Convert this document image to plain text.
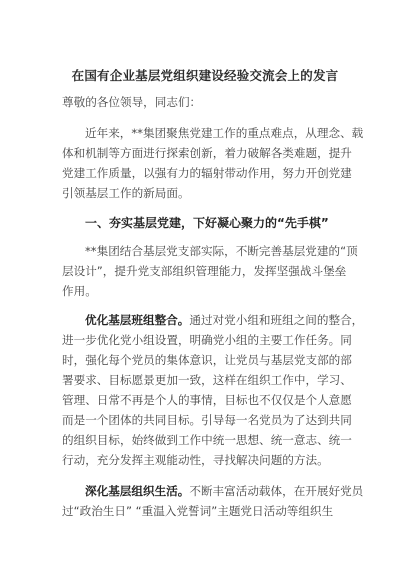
在国有企业基层党组织建设经验交流会上的发言
尊敬的各位领导，同志们：
近年来，**集团聚焦党建工作的重点难点，从理念、载
体和机制等方面进行探索创新，着力破解各类难题，提升
党建工作质量，以强有力的辐射带动作用，努力开创党建
引领基层工作的新局面。
一、夯实基层党建，下好凝心聚力的“先手棋”
**集团结合基层党支部实际，不断完善基层党建的“顶
层设计”，提升党支部组织管理能力，发挥坚强战斗堡垒
作用。
优化基层班组整合。通过对党小组和班组之间的整合，
进一步优化党小组设置，明确党小组的主要工作任务。同
时，强化每个党员的集体意识，让党员与基层党支部的部
署要求、目标愿景更加一致，这样在组织工作中，学习、
管理、日常不再是个人的事情，目标也不仅仅是个人意愿
而是一个团体的共同目标。引导每一名党员为了达到共同
的组织目标，始终做到工作中统一思想、统一意志、统一
行动，充分发挥主观能动性，寻找解决问题的方法。
深化基层组织生活。不断丰富活动载体，在开展好党员
过“政治生日” “重温入党誓词”主题党日活动等组织生
